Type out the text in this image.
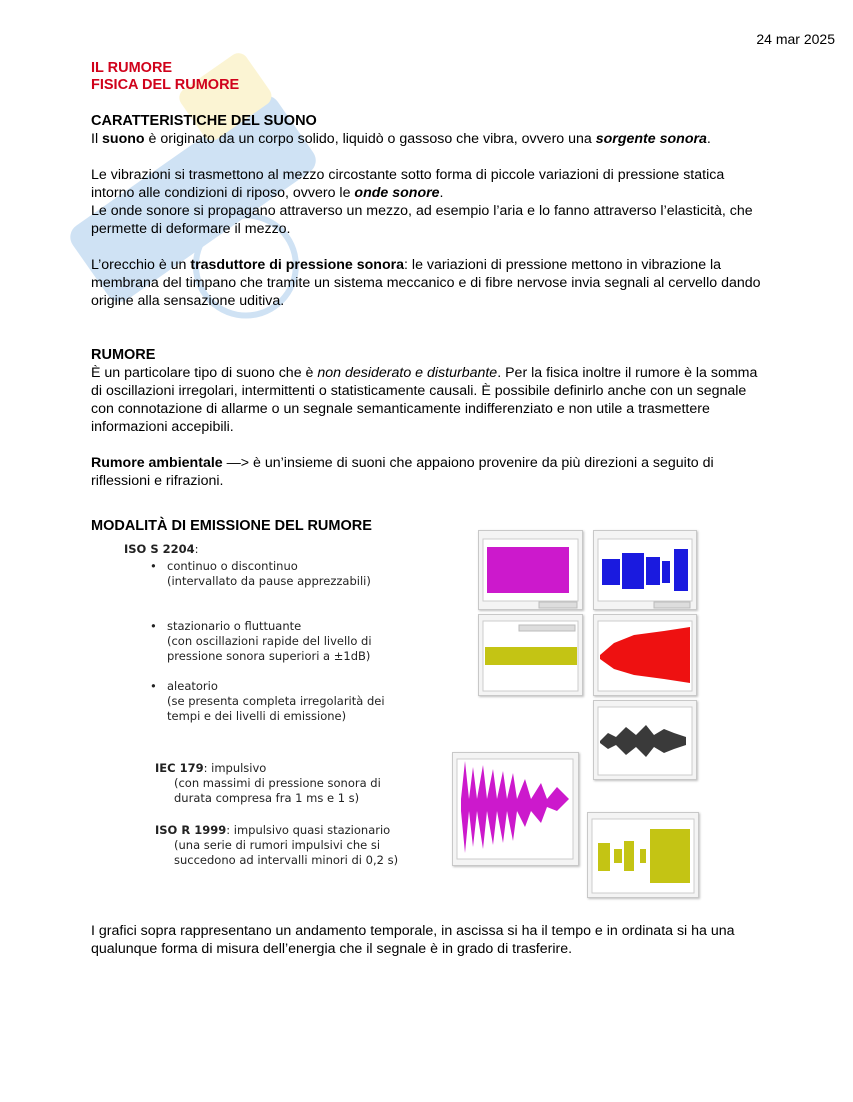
24 mar 2025
IL RUMORE
FISICA DEL RUMORE
CARATTERISTICHE DEL SUONO

Il suono è originato da un corpo solido, liquidò o gassoso che vibra, ovvero una sorgente sonora.

Le vibrazioni si trasmettono al mezzo circostante sotto forma di piccole variazioni di pressione statica intorno alle condizioni di riposo, ovvero le onde sonore.

Le onde sonore si propagano attraverso un mezzo, ad esempio l’aria e lo fanno attraverso l’elasticità, che permette di deformare il mezzo.

L’orecchio è un trasduttore di pressione sonora: le variazioni di pressione mettono in vibrazione la membrana del timpano che tramite un sistema meccanico e di fibre nervose invia segnali al cervello dando origine alla sensazione uditiva.

RUMORE

È un particolare tipo di suono che è non desiderato e disturbante. Per la fisica inoltre il rumore è la somma di oscillazioni irregolari, intermittenti o statisticamente causali. È possibile definirlo anche con un segnale con connotazione di allarme o un segnale semanticamente indifferenziato e non utile a trasmettere informazioni accepibili.

Rumore ambientale —> è un’insieme di suoni che appaiono provenire da più direzioni a seguito di riflessioni e rifrazioni.

MODALITÀ DI EMISSIONE DEL RUMORE
ISO S 2204:
• continuo o discontinuo
(intervallato da pause apprezzabili)
• stazionario o fluttuante
(con oscillazioni rapide del livello di
pressione sonora superiori a ±1dB)
• aleatorio
(se presenta completa irregolarità dei
tempi e dei livelli di emissione)
IEC 179: impulsivo
(con massimi di pressione sonora di
durata compresa fra 1 ms e 1 s)
ISO R 1999: impulsivo quasi stazionario
(una serie di rumori impulsivi che si
succedono ad intervalli minori di 0,2 s)
I grafici sopra rappresentano un andamento temporale, in ascissa si ha il tempo e in ordinata si ha una qualunque forma di misura dell’energia che il segnale è in grado di trasferire.
